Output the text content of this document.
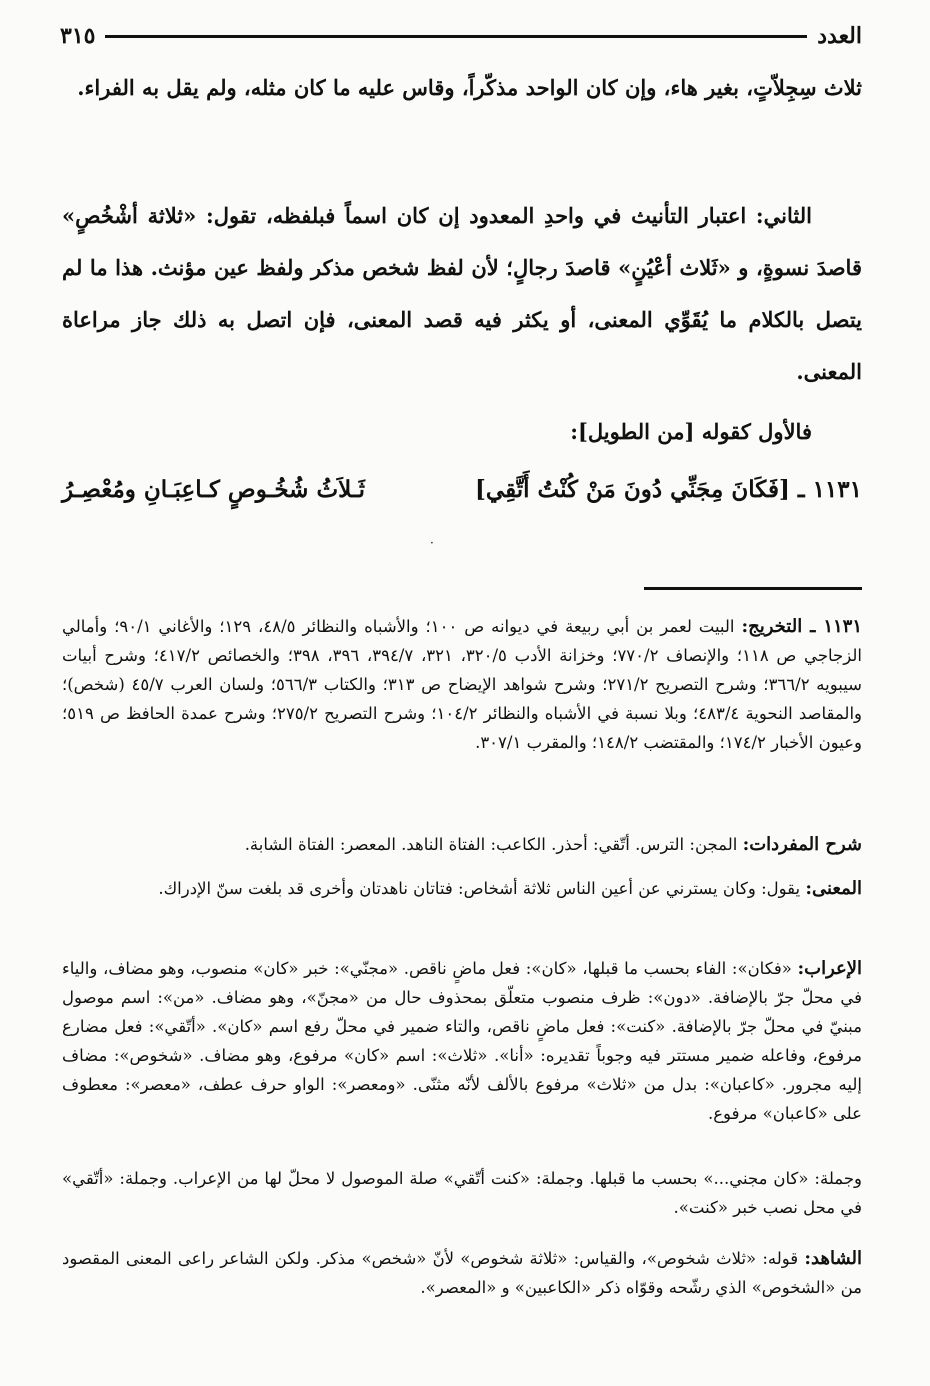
العدد
٣١٥

ثلاث سِجِلاّتٍ، بغير هاء، وإن كان الواحد مذكّراً، وقاس عليه ما كان مثله، ولم يقل به الفراء.

الثاني: اعتبار التأنيث في واحدِ المعدود إن كان اسماً فبلفظه، تقول: «ثلاثة أشْخُصٍ» قاصدَ نسوةٍ، و «ثَلاث أعْيُنٍ» قاصدَ رجالٍ؛ لأن لفظ شخص مذكر ولفظ عين مؤنث. هذا ما لم يتصل بالكلام ما يُقَوِّي المعنى، أو يكثر فيه قصد المعنى، فإن اتصل به ذلك جاز مراعاة المعنى.

فالأول كقوله [من الطويل]:

١١٣١ ـ
[فَكَانَ مِجَنِّي دُونَ مَنْ كُنْتُ أَتَّقِي]
ثَـلاَثُ شُخُـوصٍ كـاعِبَـانِ ومُعْصِـرُ
·

١١٣١ ـ التخريج: البيت لعمر بن أبي ربيعة في ديوانه ص ١٠٠؛ والأشباه والنظائر ٤٨/٥، ١٢٩؛ والأغاني ٩٠/١؛ وأمالي الزجاجي ص ١١٨؛ والإنصاف ٧٧٠/٢؛ وخزانة الأدب ٣٢٠/٥، ٣٢١، ٣٩٤/٧، ٣٩٦، ٣٩٨؛ والخصائص ٤١٧/٢؛ وشرح أبيات سيبويه ٣٦٦/٢؛ وشرح التصريح ٢٧١/٢؛ وشرح شواهد الإيضاح ص ٣١٣؛ والكتاب ٥٦٦/٣؛ ولسان العرب ٤٥/٧ (شخص)؛ والمقاصد النحوية ٤٨٣/٤؛ وبلا نسبة في الأشباه والنظائر ١٠٤/٢؛ وشرح التصريح ٢٧٥/٢؛ وشرح عمدة الحافظ ص ٥١٩؛ وعيون الأخبار ١٧٤/٢؛ والمقتضب ١٤٨/٢؛ والمقرب ٣٠٧/١.

شرح المفردات: المجن: الترس. أتّقي: أحذر. الكاعب: الفتاة الناهد. المعصر: الفتاة الشابة.

المعنى: يقول: وكان يسترني عن أعين الناس ثلاثة أشخاص: فتاتان ناهدتان وأخرى قد بلغت سنّ الإدراك.

الإعراب: «فكان»: الفاء بحسب ما قبلها، «كان»: فعل ماضٍ ناقص. «مجنّي»: خبر «كان» منصوب، وهو مضاف، والياء في محلّ جرّ بالإضافة. «دون»: ظرف منصوب متعلّق بمحذوف حال من «مجنّ»، وهو مضاف. «من»: اسم موصول مبنيّ في محلّ جرّ بالإضافة. «كنت»: فعل ماضٍ ناقص، والتاء ضمير في محلّ رفع اسم «كان». «أتّقي»: فعل مضارع مرفوع، وفاعله ضمير مستتر فيه وجوباً تقديره: «أنا». «ثلاث»: اسم «كان» مرفوع، وهو مضاف. «شخوص»: مضاف إليه مجرور. «كاعبان»: بدل من «ثلاث» مرفوع بالألف لأنّه مثنّى. «ومعصر»: الواو حرف عطف، «معصر»: معطوف على «كاعبان» مرفوع.

وجملة: «كان مجني...» بحسب ما قبلها. وجملة: «كنت أتّقي» صلة الموصول لا محلّ لها من الإعراب. وجملة: «أتّقي» في محل نصب خبر «كنت».

الشاهد: قوله: «ثلاث شخوص»، والقياس: «ثلاثة شخوص» لأنّ «شخص» مذكر. ولكن الشاعر راعى المعنى المقصود من «الشخوص» الذي رشّحه وقوّاه ذكر «الكاعبين» و «المعصر».
